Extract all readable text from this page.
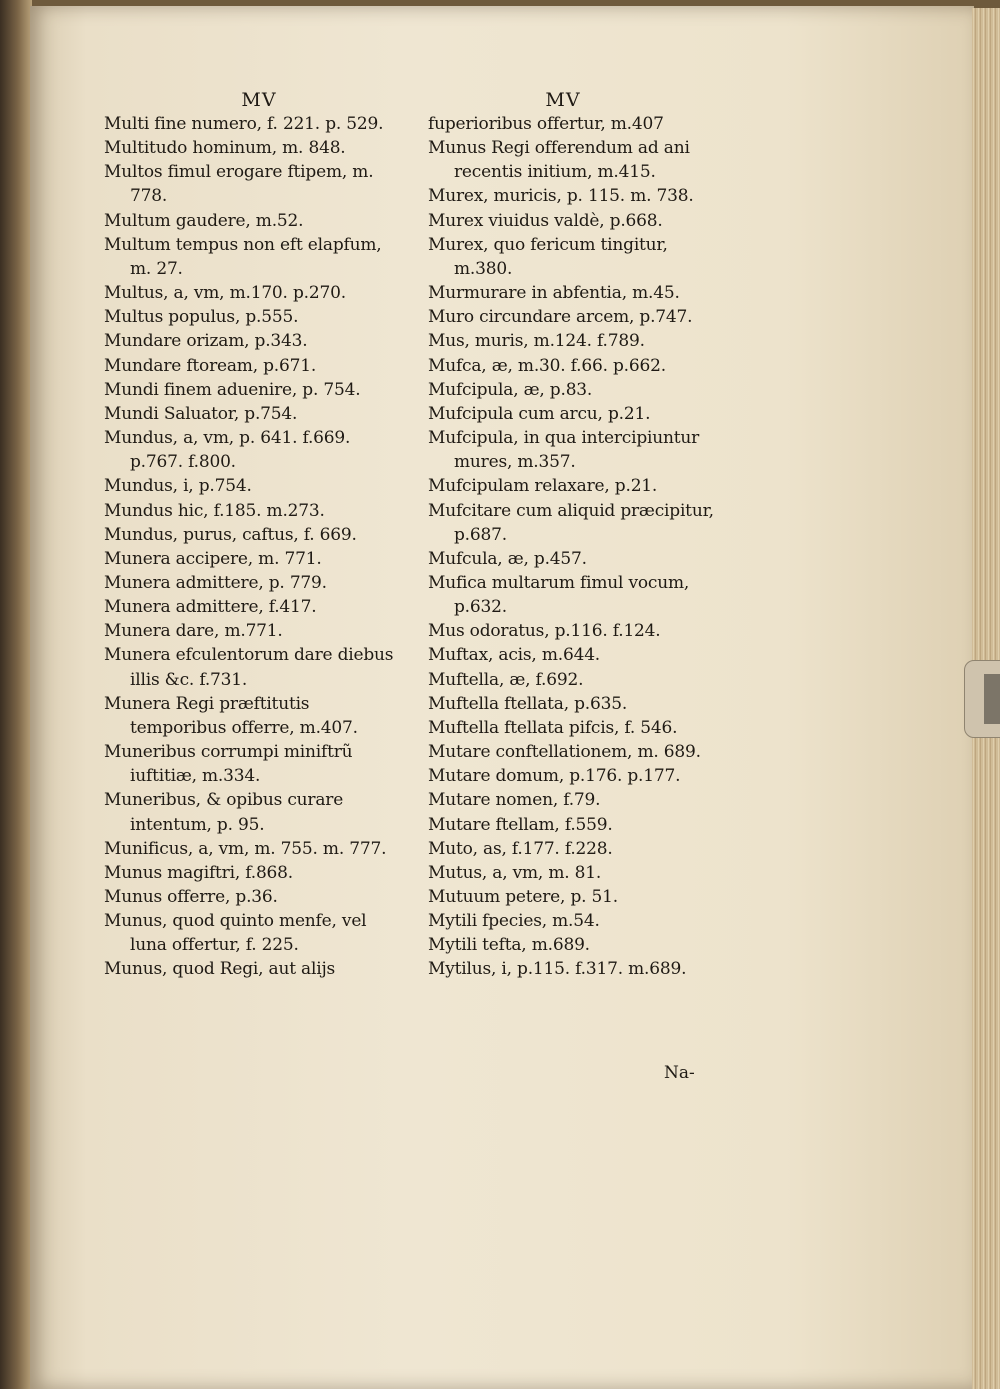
MV

Multi fine numero, f. 221. p. 529.

Multitudo hominum, m. 848.

Multos fimul erogare ftipem, m. 778.

Multum gaudere, m.52.

Multum tempus non eft elapfum, m. 27.

Multus, a, vm, m.170. p.270.

Multus populus, p.555.

Mundare orizam, p.343.

Mundare ftoream, p.671.

Mundi finem aduenire, p. 754.

Mundi Saluator, p.754.

Mundus, a, vm, p. 641. f.669. p.767. f.800.

Mundus, i, p.754.

Mundus hic, f.185. m.273.

Mundus, purus, caftus, f. 669.

Munera accipere, m. 771.

Munera admittere, p. 779.

Munera admittere, f.417.

Munera dare, m.771.

Munera efculentorum dare diebus illis &c. f.731.

Munera Regi præftitutis temporibus offerre, m.407.

Muneribus corrumpi miniftrũ iuftitiæ, m.334.

Muneribus, & opibus curare intentum, p. 95.

Munificus, a, vm, m. 755. m. 777.

Munus magiftri, f.868.

Munus offerre, p.36.

Munus, quod quinto menfe, vel luna offertur, f. 225.

Munus, quod Regi, aut alijs

MV

fuperioribus offertur, m.407

Munus Regi offerendum ad ani recentis initium, m.415.

Murex, muricis, p. 115. m. 738.

Murex viuidus valdè, p.668.

Murex, quo fericum tingitur, m.380.

Murmurare in abfentia, m.45.

Muro circundare arcem, p.747.

Mus, muris, m.124. f.789.

Mufca, æ, m.30. f.66. p.662.

Mufcipula, æ, p.83.

Mufcipula cum arcu, p.21.

Mufcipula, in qua intercipiuntur mures, m.357.

Mufcipulam relaxare, p.21.

Mufcitare cum aliquid præcipitur, p.687.

Mufcula, æ, p.457.

Mufica multarum fimul vocum, p.632.

Mus odoratus, p.116. f.124.

Muftax, acis, m.644.

Muftella, æ, f.692.

Muftella ftellata, p.635.

Muftella ftellata pifcis, f. 546.

Mutare conftellationem, m. 689.

Mutare domum, p.176. p.177.

Mutare nomen, f.79.

Mutare ftellam, f.559.

Muto, as, f.177. f.228.

Mutus, a, vm, m. 81.

Mutuum petere, p. 51.

Mytili fpecies, m.54.

Mytili tefta, m.689.

Mytilus, i, p.115. f.317. m.689.

Na-
